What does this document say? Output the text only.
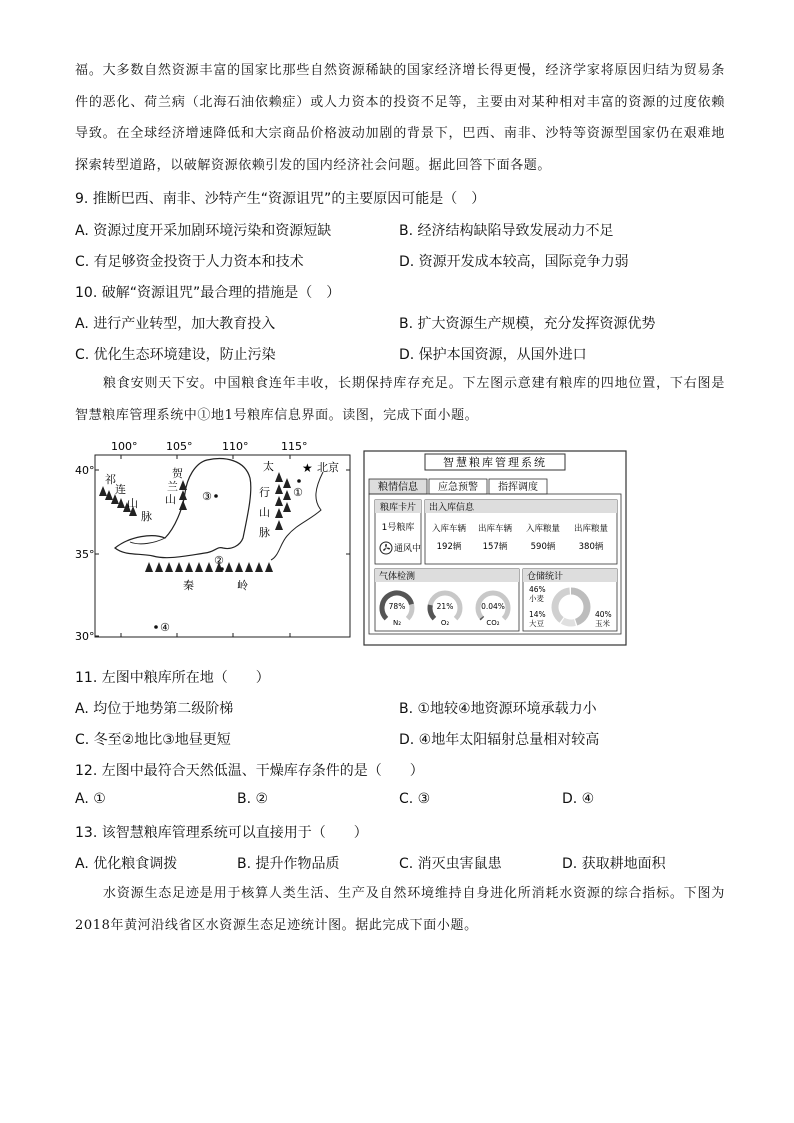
福。大多数自然资源丰富的国家比那些自然资源稀缺的国家经济增长得更慢，经济学家将原因归结为贸易条件的恶化、荷兰病（北海石油依赖症）或人力资本的投资不足等，主要由对某种相对丰富的资源的过度依赖导致。在全球经济增速降低和大宗商品价格波动加剧的背景下，巴西、南非、沙特等资源型国家仍在艰难地探索转型道路，以破解资源依赖引发的国内经济社会问题。据此回答下面各题。
9. 推断巴西、南非、沙特产生“资源诅咒”的主要原因可能是（　）
A. 资源过度开采加剧环境污染和资源短缺	B. 经济结构缺陷导致发展动力不足
C. 有足够资金投资于人力资本和技术	D. 资源开发成本较高，国际竞争力弱
10. 破解“资源诅咒”最合理的措施是（　）
A. 进行产业转型，加大教育投入	B. 扩大资源生产规模，充分发挥资源优势
C. 优化生态环境建设，防止污染	D. 保护本国资源，从国外进口
粮食安则天下安。中国粮食连年丰收，长期保持库存充足。下左图示意建有粮库的四地位置，下右图是智慧粮库管理系统中①地1号粮库信息界面。读图，完成下面小题。
100°	105°	110°	115°
40°
35°
30°
祁
连
山
脉
贺
兰
山
太
行
山
脉
秦	岭
★ 北京
①
③
②
④
智慧粮库管理系统
粮情信息 应急预警 指挥调度
粮库卡片
1号粮库
通风中
出入库信息
入库车辆 出库车辆 入库粮量 出库粮量
192辆	157辆	590辆	380辆
气体检测
78%
N₂
21%
O₂
0.04%
CO₂
仓储统计
46%
小麦
14%
大豆
40%
玉米
11. 左图中粮库所在地（　　）
A. 均位于地势第二级阶梯	B. ①地较④地资源环境承载力小
C. 冬至②地比③地昼更短	D. ④地年太阳辐射总量相对较高
12. 左图中最符合天然低温、干燥库存条件的是（　　）
A. ①	B. ②	C. ③	D. ④
13. 该智慧粮库管理系统可以直接用于（　　）
A. 优化粮食调拨	B. 提升作物品质	C. 消灭虫害鼠患	D. 获取耕地面积
水资源生态足迹是用于核算人类生活、生产及自然环境维持自身进化所消耗水资源的综合指标。下图为2018年黄河沿线省区水资源生态足迹统计图。据此完成下面小题。
